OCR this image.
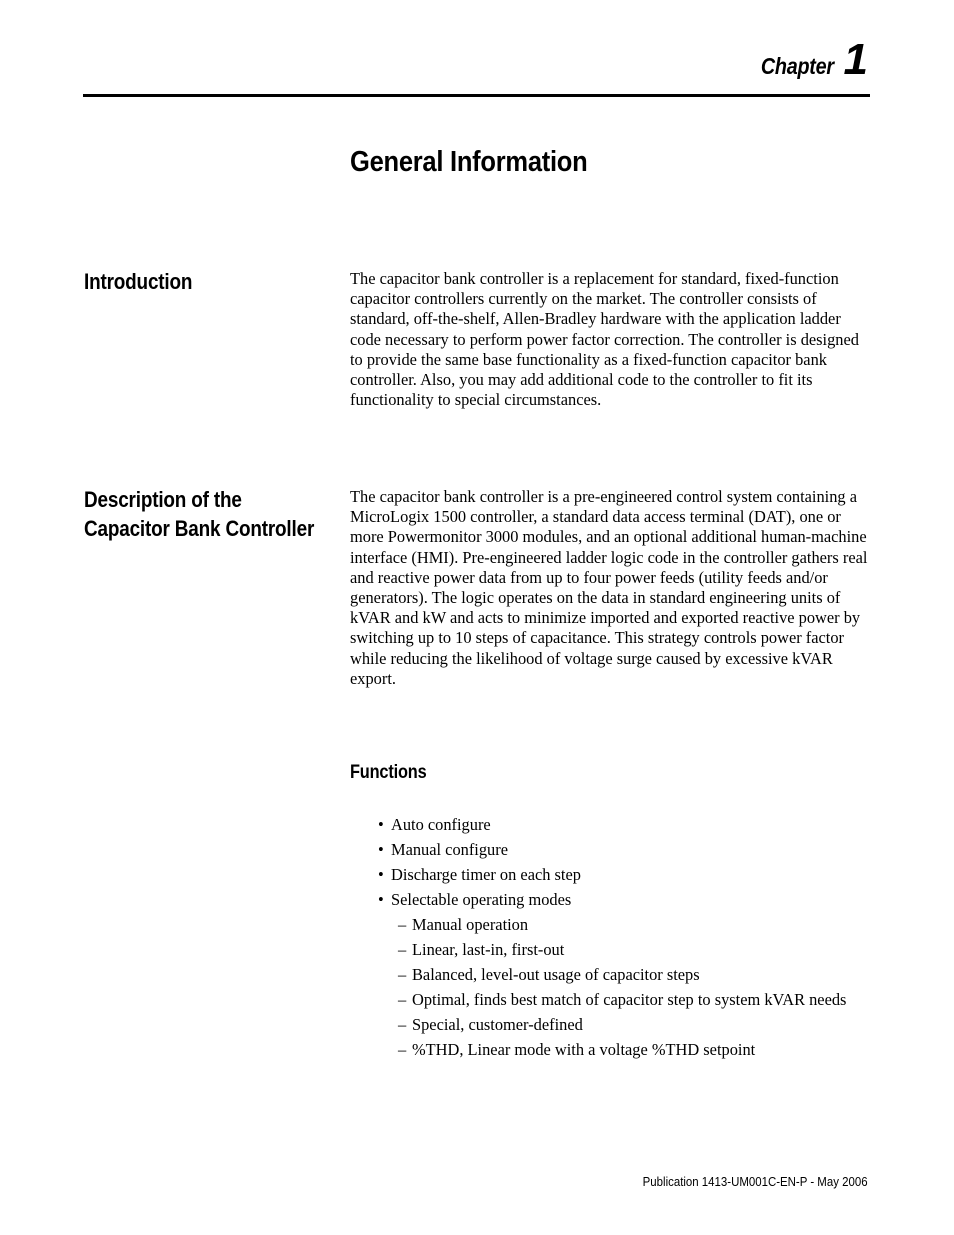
Chapter 1
General Information
Introduction	The capacitor bank controller is a replacement for standard, fixed-function capacitor controllers currently on the market. The controller consists of standard, off-the-shelf, Allen-Bradley hardware with the application ladder code necessary to perform power factor correction. The controller is designed to provide the same base functionality as a fixed-function capacitor bank controller. Also, you may add additional code to the controller to fit its functionality to special circumstances.

Description of the
Capacitor Bank Controller

The capacitor bank controller is a pre-engineered control system containing a MicroLogix 1500 controller, a standard data access terminal (DAT), one or more Powermonitor 3000 modules, and an optional additional human-machine interface (HMI). Pre-engineered ladder logic code in the controller gathers real and reactive power data from up to four power feeds (utility feeds and/or generators). The logic operates on the data in standard engineering units of kVAR and kW and acts to minimize imported and exported reactive power by switching up to 10 steps of capacitance. This strategy controls power factor while reducing the likelihood of voltage surge caused by excessive kVAR export.

Functions
• Auto configure
• Manual configure
• Discharge timer on each step
• Selectable operating modes
– Manual operation
– Linear, last-in, first-out
– Balanced, level-out usage of capacitor steps
– Optimal, finds best match of capacitor step to system kVAR needs
– Special, customer-defined
– %THD, Linear mode with a voltage %THD setpoint
Publication 1413-UM001C-EN-P - May 2006
